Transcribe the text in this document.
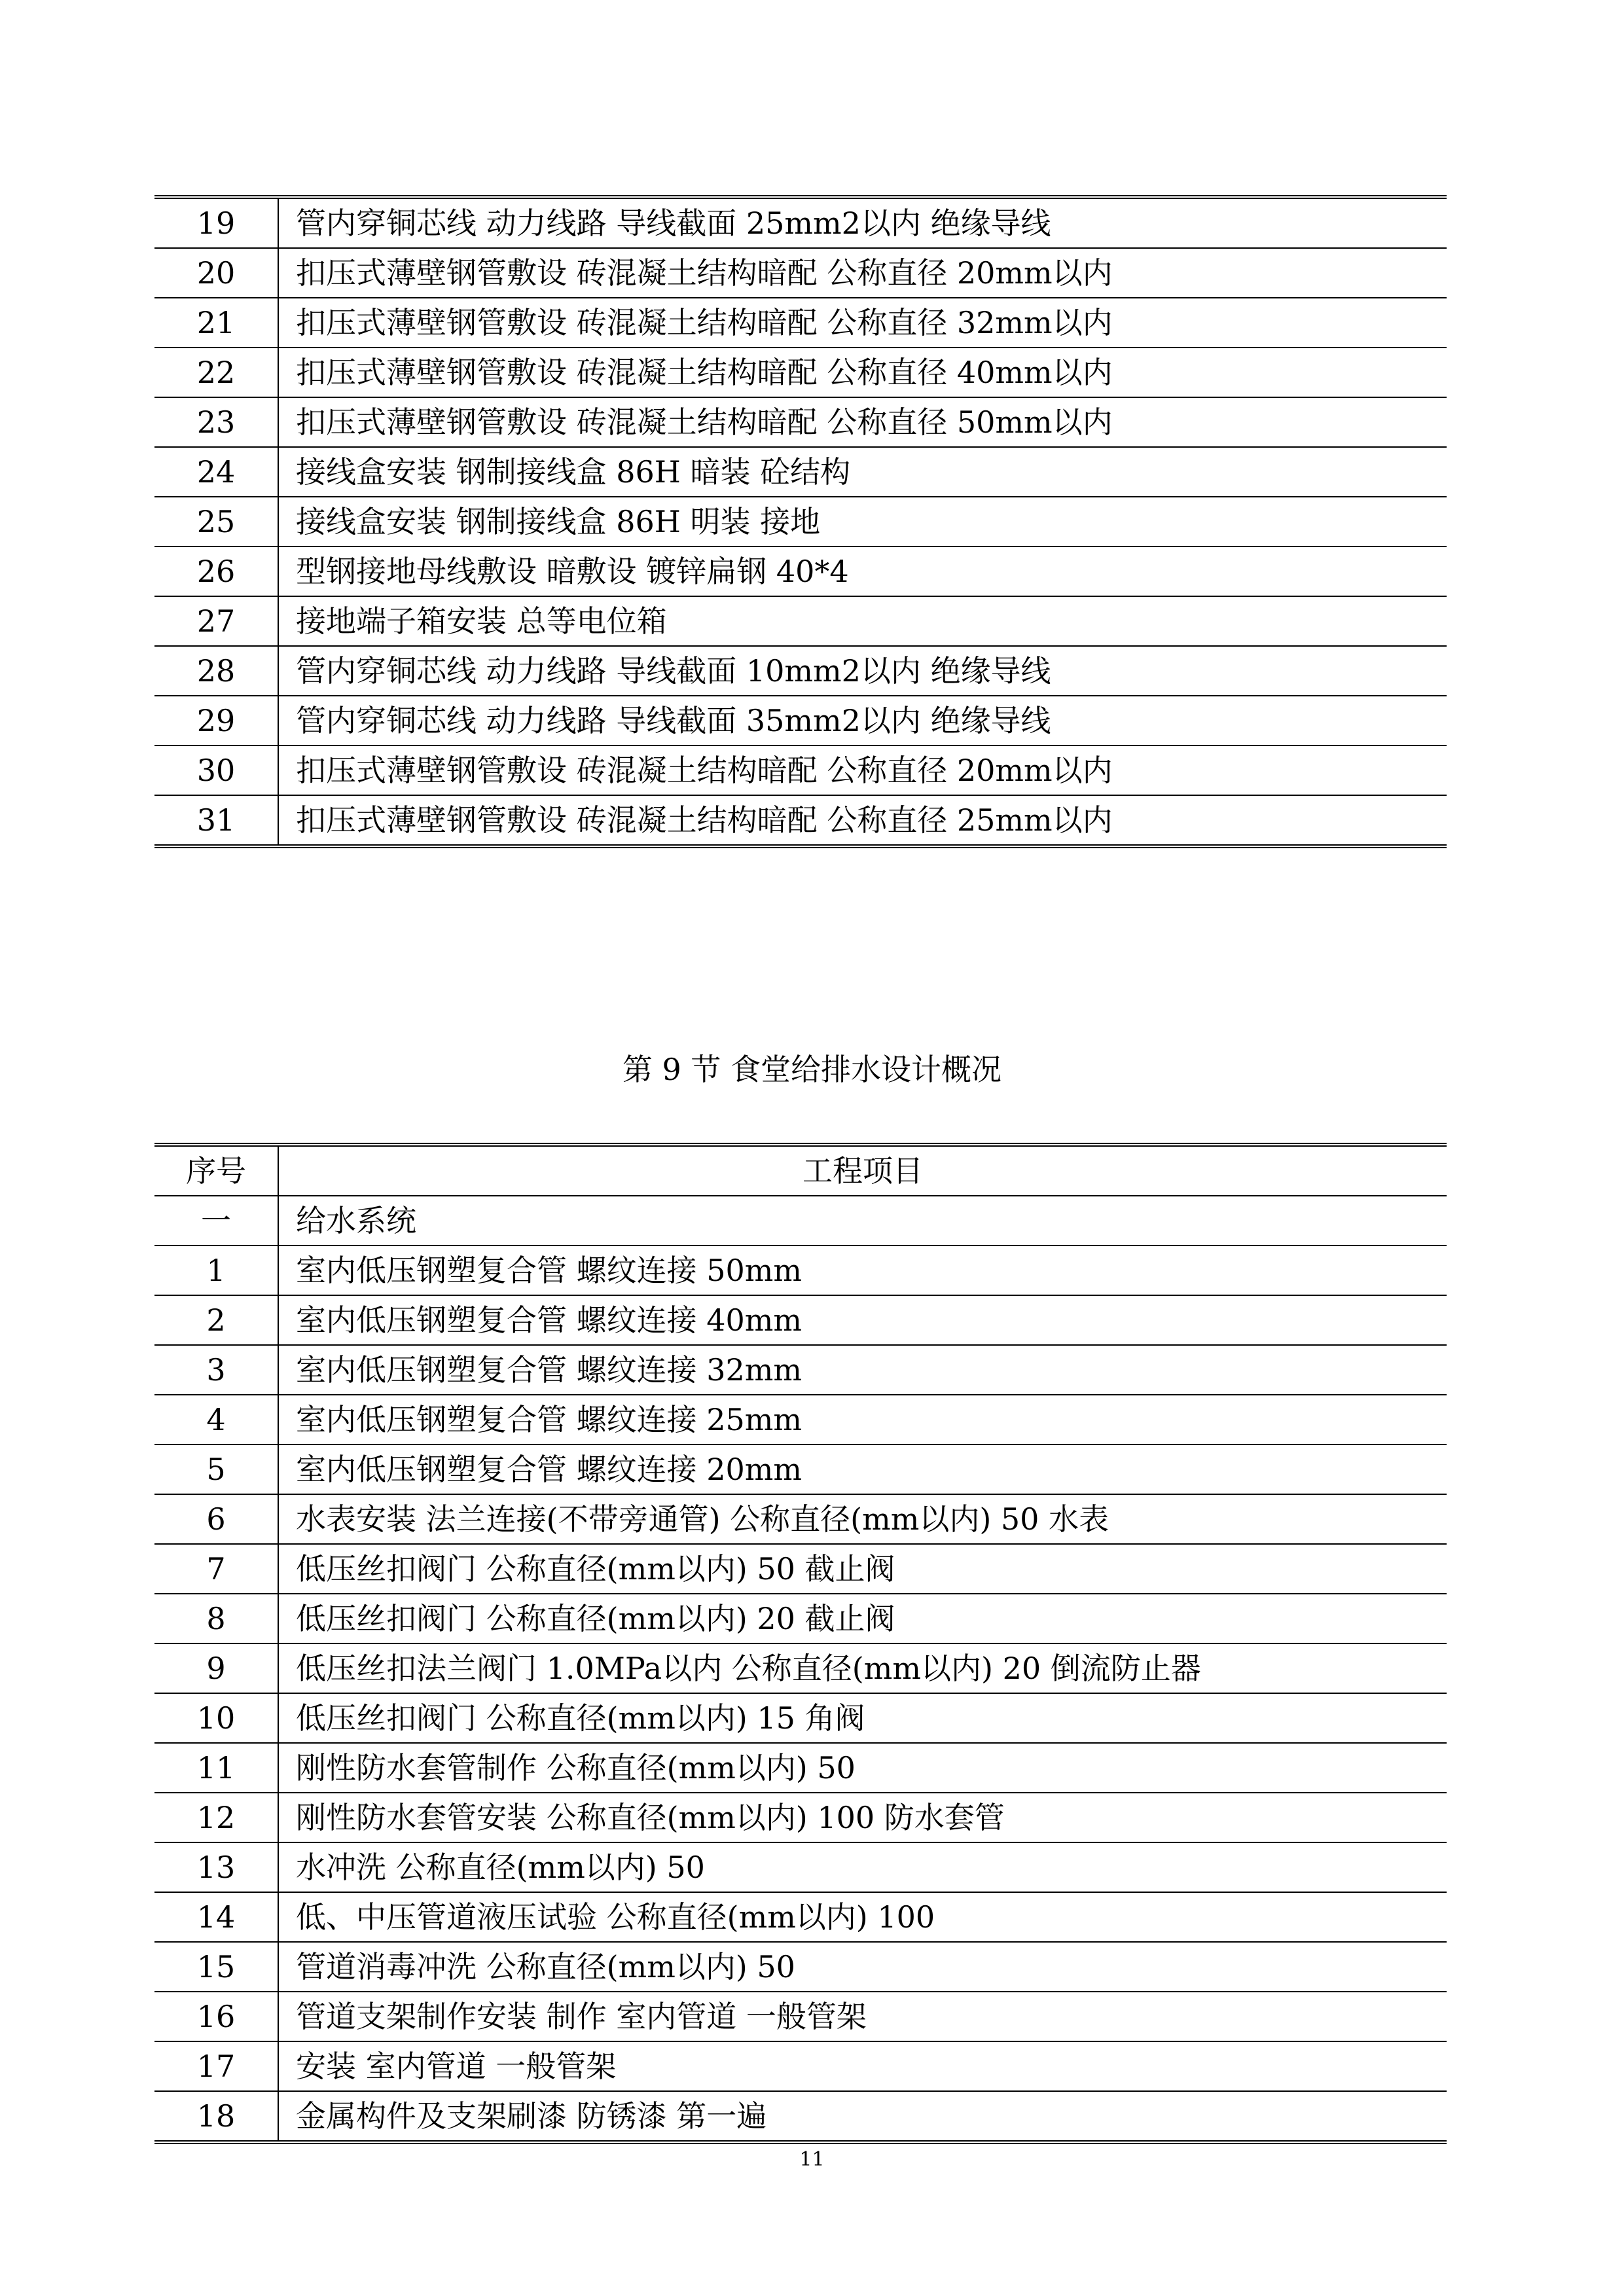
19	管内穿铜芯线 动力线路 导线截面 25mm2以内 绝缘导线
20	扣压式薄壁钢管敷设 砖混凝土结构暗配 公称直径 20mm以内
21	扣压式薄壁钢管敷设 砖混凝土结构暗配 公称直径 32mm以内
22	扣压式薄壁钢管敷设 砖混凝土结构暗配 公称直径 40mm以内
23	扣压式薄壁钢管敷设 砖混凝土结构暗配 公称直径 50mm以内
24	接线盒安装 钢制接线盒 86H 暗装 砼结构
25	接线盒安装 钢制接线盒 86H 明装 接地
26	型钢接地母线敷设 暗敷设 镀锌扁钢 40*4
27	接地端子箱安装 总等电位箱
28	管内穿铜芯线 动力线路 导线截面 10mm2以内 绝缘导线
29	管内穿铜芯线 动力线路 导线截面 35mm2以内 绝缘导线
30	扣压式薄壁钢管敷设 砖混凝土结构暗配 公称直径 20mm以内
31	扣压式薄壁钢管敷设 砖混凝土结构暗配 公称直径 25mm以内
第 9 节 食堂给排水设计概况
序号	工程项目
一	给水系统
1	室内低压钢塑复合管 螺纹连接 50mm
2	室内低压钢塑复合管 螺纹连接 40mm
3	室内低压钢塑复合管 螺纹连接 32mm
4	室内低压钢塑复合管 螺纹连接 25mm
5	室内低压钢塑复合管 螺纹连接 20mm
6	水表安装 法兰连接(不带旁通管) 公称直径(mm以内) 50 水表
7	低压丝扣阀门 公称直径(mm以内) 50 截止阀
8	低压丝扣阀门 公称直径(mm以内) 20 截止阀
9	低压丝扣法兰阀门 1.0MPa以内 公称直径(mm以内) 20 倒流防止器
10	低压丝扣阀门 公称直径(mm以内) 15 角阀
11	刚性防水套管制作 公称直径(mm以内) 50
12	刚性防水套管安装 公称直径(mm以内) 100 防水套管
13	水冲洗 公称直径(mm以内) 50
14	低、中压管道液压试验 公称直径(mm以内) 100
15	管道消毒冲洗 公称直径(mm以内) 50
16	管道支架制作安装 制作 室内管道 一般管架
17	安装 室内管道 一般管架
18	金属构件及支架刷漆 防锈漆 第一遍
11
